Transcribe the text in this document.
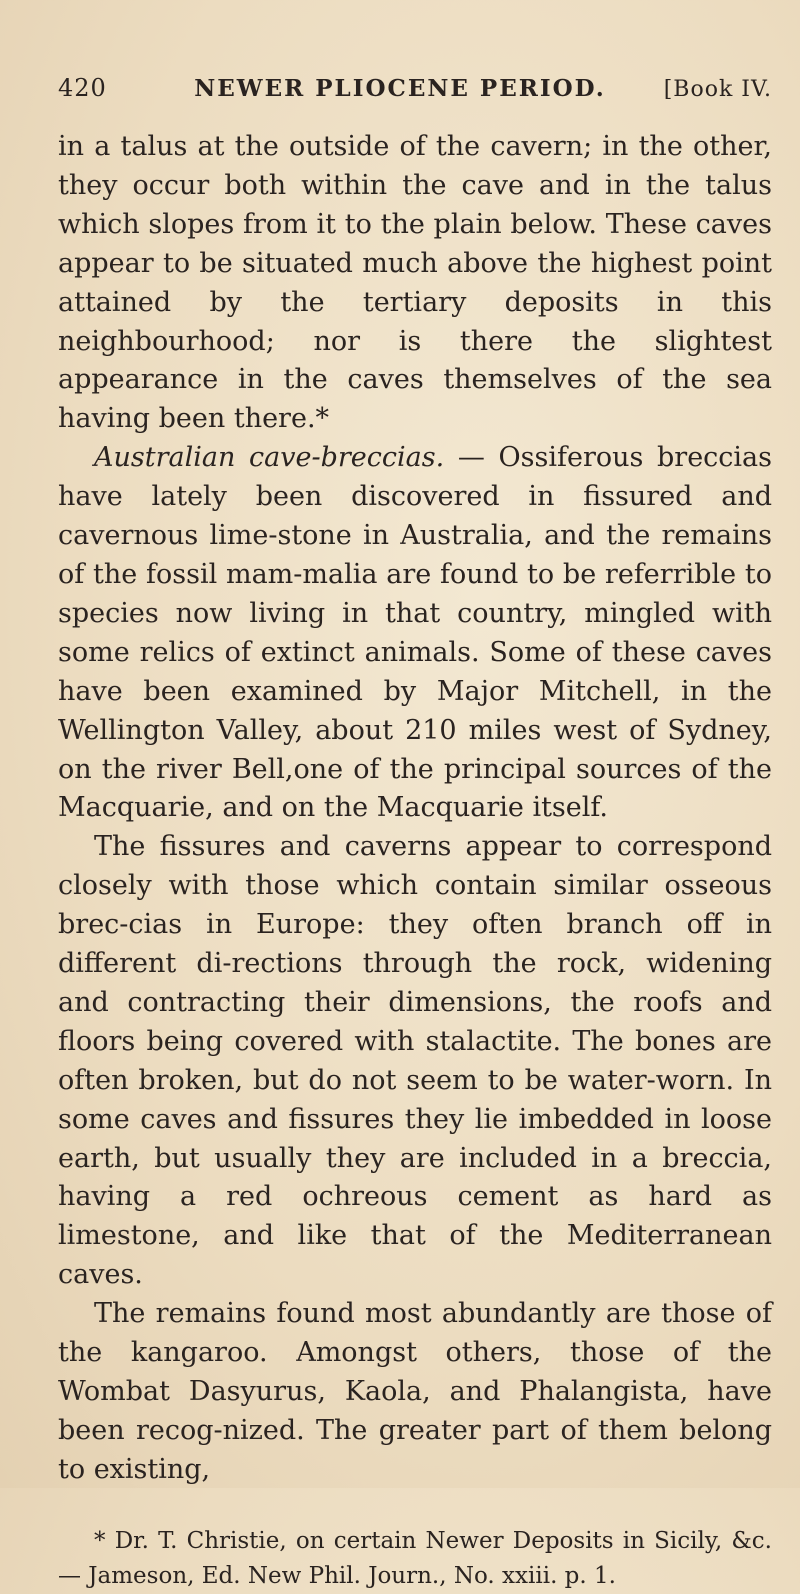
420	NEWER PLIOCENE PERIOD.	[Book IV.

in a talus at the outside of the cavern; in the other, they occur both within the cave and in the talus which slopes from it to the plain below. These caves appear to be situated much above the highest point attained by the tertiary deposits in this neighbourhood; nor is there the slightest appearance in the caves themselves of the sea having been there.*

Australian cave-breccias. — Ossiferous breccias have lately been discovered in fissured and cavernous lime-stone in Australia, and the remains of the fossil mam-malia are found to be referrible to species now living in that country, mingled with some relics of extinct animals. Some of these caves have been examined by Major Mitchell, in the Wellington Valley, about 210 miles west of Sydney, on the river Bell,one of the principal sources of the Macquarie, and on the Macquarie itself.

The fissures and caverns appear to correspond closely with those which contain similar osseous brec-cias in Europe: they often branch off in different di-rections through the rock, widening and contracting their dimensions, the roofs and floors being covered with stalactite. The bones are often broken, but do not seem to be water-worn. In some caves and fissures they lie imbedded in loose earth, but usually they are included in a breccia, having a red ochreous cement as hard as limestone, and like that of the Mediterranean caves.

The remains found most abundantly are those of the kangaroo. Amongst others, those of the Wombat Dasyurus, Kaola, and Phalangista, have been recog-nized. The greater part of them belong to existing,

* Dr. T. Christie, on certain Newer Deposits in Sicily, &c. — Jameson, Ed. New Phil. Journ., No. xxiii. p. 1.
